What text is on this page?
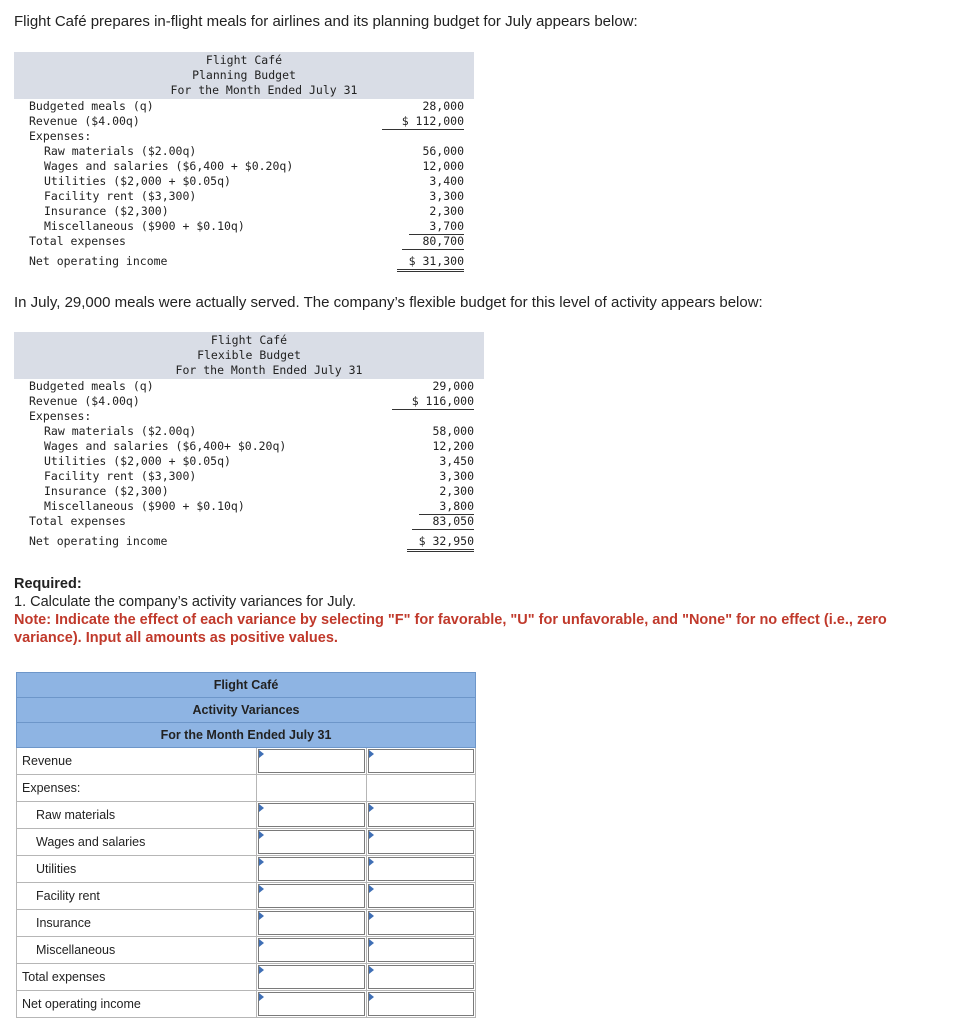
Flight Café prepares in-flight meals for airlines and its planning budget for July appears below:
Flight Café
Planning Budget
For the Month Ended July 31
Budgeted meals (q)	28,000
Revenue ($4.00q)	$ 112,000
Expenses:
Raw materials ($2.00q)	56,000
Wages and salaries ($6,400 + $0.20q)	12,000
Utilities ($2,000 + $0.05q)	3,400
Facility rent ($3,300)	3,300
Insurance ($2,300)	2,300
Miscellaneous ($900 + $0.10q)	3,700
Total expenses	80,700
Net operating income	$ 31,300
In July, 29,000 meals were actually served. The company’s flexible budget for this level of activity appears below:
Flight Café
Flexible Budget
For the Month Ended July 31
Budgeted meals (q)	29,000
Revenue ($4.00q)	$ 116,000
Expenses:
Raw materials ($2.00q)	58,000
Wages and salaries ($6,400+ $0.20q)	12,200
Utilities ($2,000 + $0.05q)	3,450
Facility rent ($3,300)	3,300
Insurance ($2,300)	2,300
Miscellaneous ($900 + $0.10q)	3,800
Total expenses	83,050
Net operating income	$ 32,950
Required:
1. Calculate the company’s activity variances for July.
Note: Indicate the effect of each variance by selecting "F" for favorable, "U" for unfavorable, and "None" for no effect (i.e., zero variance). Input all amounts as positive values.
Flight Café		
Activity Variances		
For the Month Ended July 31		
Revenue	

Expenses:	

Raw materials	

Wages and salaries	

Utilities	

Facility rent	

Insurance	

Miscellaneous	

Total expenses	

Net operating income	
